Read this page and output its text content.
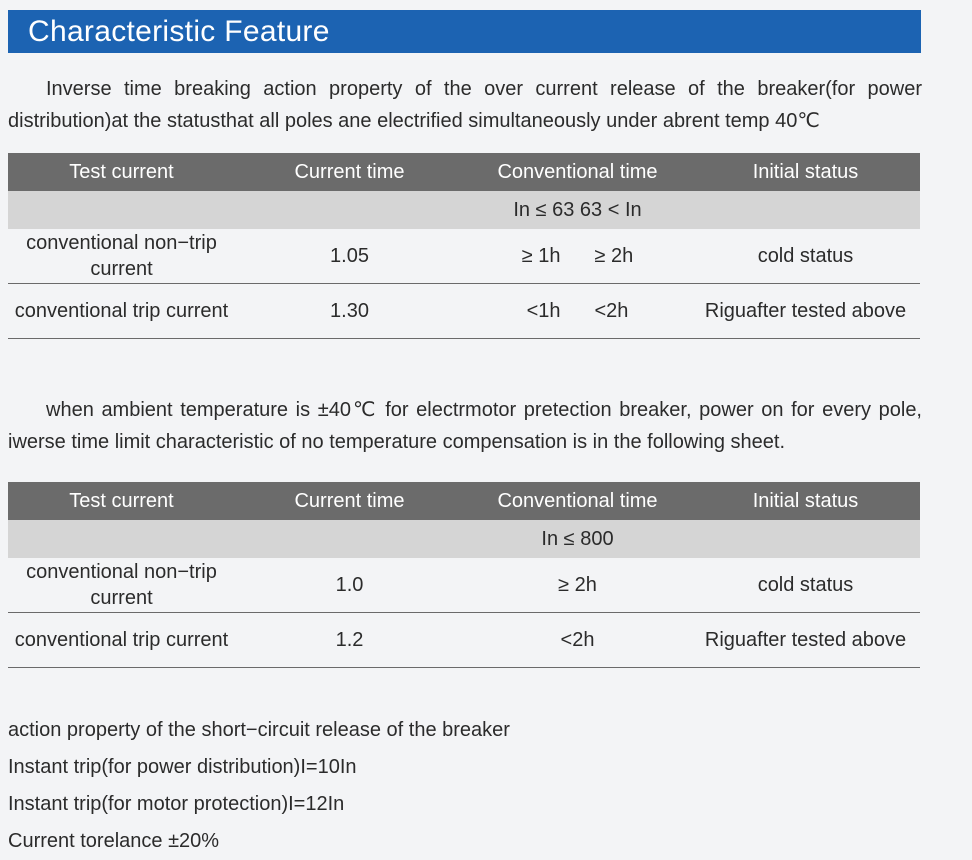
Characteristic Feature
Inverse time breaking action property of the over current release of the breaker(for power distribution)at the statusthat all poles ane electrified simultaneously under abrent temp 40℃
Test current	Current time	Conventional time	Initial status
		In ≤ 63 63 < In	
conventional non−trip current	1.05	≥ 1h ≥ 2h	cold status
conventional trip current	1.30	<1h <2h	Riguafter tested above
when ambient temperature is ±40℃ for electrmotor pretection breaker, power on for every pole, iwerse time limit characteristic of no temperature compensation is in the following sheet.
Test current	Current time	Conventional time	Initial status
		In ≤ 800	
conventional non−trip current	1.0	≥ 2h	cold status
conventional trip current	1.2	<2h	Riguafter tested above
action property of the short−circuit release of the breaker
Instant trip(for power distribution)I=10In
Instant trip(for motor protection)I=12In
Current torelance ±20%
